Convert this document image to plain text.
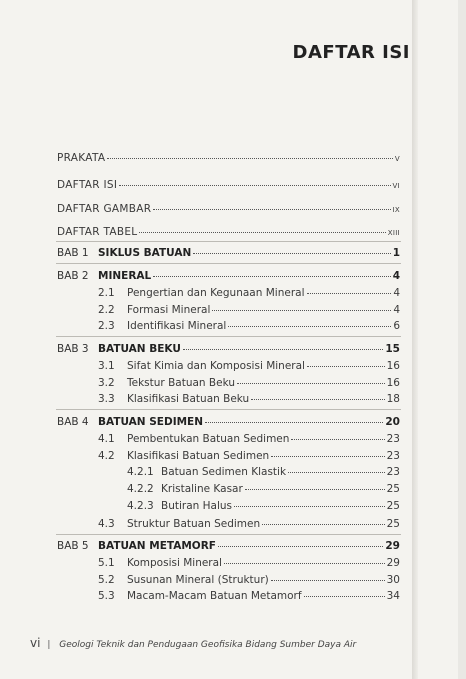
DAFTAR ISI
PRAKATA	v
DAFTAR ISI	vi
DAFTAR GAMBAR	ix
DAFTAR TABEL	xiii
BAB 1 SIKLUS BATUAN	1
BAB 2 MINERAL	4
2.1	Pengertian dan Kegunaan Mineral	4
2.2	Formasi Mineral	4
2.3	Identifikasi Mineral	6
BAB 3 BATUAN BEKU	15
3.1	Sifat Kimia dan Komposisi Mineral	16
3.2	Tekstur Batuan Beku	16
3.3	Klasifikasi Batuan Beku	18
BAB 4 BATUAN SEDIMEN	20
4.1	Pembentukan Batuan Sedimen	23
4.2	Klasifikasi Batuan Sedimen	23
4.2.1 Batuan Sedimen Klastik	23
4.2.2 Kristaline Kasar	25
4.2.3 Butiran Halus	25
4.3	Struktur Batuan Sedimen	25
BAB 5 BATUAN METAMORF	29
5.1	Komposisi Mineral	29
5.2	Susunan Mineral (Struktur)	30
5.3	Macam-Macam Batuan Metamorf	34
vi | Geologi Teknik dan Pendugaan Geofisika Bidang Sumber Daya Air
